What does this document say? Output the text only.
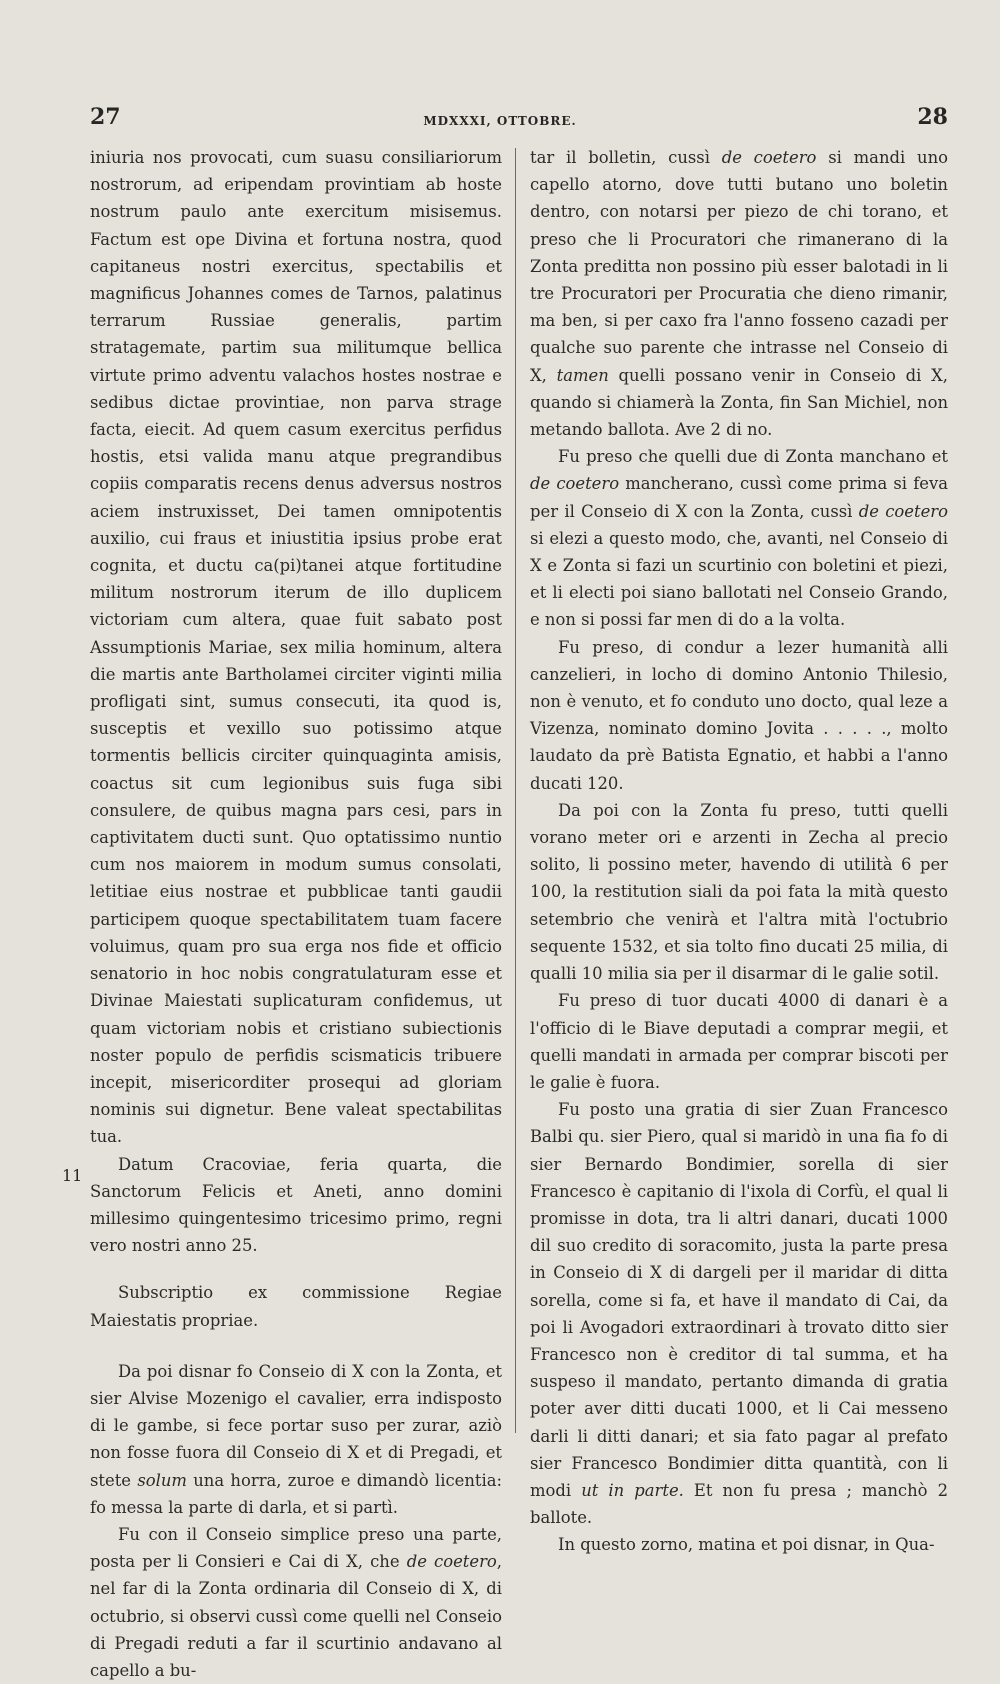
27	MDXXXI, OTTOBRE.	28

iniuria nos provocati, cum suasu consiliariorum nostrorum, ad eripendam provintiam ab hoste nostrum paulo ante exercitum misisemus. Factum est ope Divina et fortuna nostra, quod capitaneus nostri exercitus, spectabilis et magnificus Johannes comes de Tarnos, palatinus terrarum Russiae generalis, partim stratagemate, partim sua militumque bellica virtute primo adventu valachos hostes nostrae e sedibus dictae provintiae, non parva strage facta, eiecit. Ad quem casum exercitus perfidus hostis, etsi valida manu atque pregrandibus copiis comparatis recens denus adversus nostros aciem instruxisset, Dei tamen omnipotentis auxilio, cui fraus et iniustitia ipsius probe erat cognita, et ductu ca(pi)tanei atque fortitudine militum nostrorum iterum de illo duplicem victoriam cum altera, quae fuit sabato post Assumptionis Mariae, sex milia hominum, altera die martis ante Bartholamei circiter viginti milia profligati sint, sumus consecuti, ita quod is, susceptis et vexillo suo potissimo atque tormentis bellicis circiter quinquaginta amisis, coactus sit cum legionibus suis fuga sibi consulere, de quibus magna pars cesi, pars in captivitatem ducti sunt. Quo optatissimo nuntio cum nos maiorem in modum sumus consolati, letitiae eius nostrae et pubblicae tanti gaudii participem quoque spectabilitatem tuam facere voluimus, quam pro sua erga nos fide et officio senatorio in hoc nobis congratulaturam esse et Divinae Maiestati suplicaturam confidemus, ut quam victoriam nobis et cristiano subiectionis noster populo de perfidis scismaticis tribuere incepit, misericorditer prosequi ad gloriam nominis sui dignetur. Bene valeat spectabilitas tua.

Datum Cracoviae, feria quarta, die Sanctorum Felicis et Aneti, anno domini millesimo quingentesimo tricesimo primo, regni vero nostri anno 25.

Subscriptio ex commissione Regiae Maiestatis propriae.

Da poi disnar fo Conseio di X con la Zonta, et sier Alvise Mozenigo el cavalier, erra indisposto di le gambe, si fece portar suso per zurar, aziò non fosse fuora dil Conseio di X et di Pregadi, et stete solum una horra, zuroe e dimandò licentia: fo messa la parte di darla, et si partì.

Fu con il Conseio simplice preso una parte, posta per li Consieri e Cai di X, che de coetero, nel far di la Zonta ordinaria dil Conseio di X, di octubrio, si observi cussì come quelli nel Conseio di Pregadi reduti a far il scurtinio andavano al capello a bu-

11

tar il bolletin, cussì de coetero si mandi uno capello atorno, dove tutti butano uno boletin dentro, con notarsi per piezo de chi torano, et preso che li Procuratori che rimanerano di la Zonta preditta non possino più esser balotadi in li tre Procuratori per Procuratia che dieno rimanir, ma ben, si per caxo fra l'anno fosseno cazadi per qualche suo parente che intrasse nel Conseio di X, tamen quelli possano venir in Conseio di X, quando si chiamerà la Zonta, fin San Michiel, non metando ballota. Ave 2 di no.

Fu preso che quelli due di Zonta manchano et de coetero mancherano, cussì come prima si feva per il Conseio di X con la Zonta, cussì de coetero si elezi a questo modo, che, avanti, nel Conseio di X e Zonta si fazi un scurtinio con boletini et piezi, et li electi poi siano ballotati nel Conseio Grando, e non si possi far men di do a la volta.

Fu preso, di condur a lezer humanità alli canzelieri, in locho di domino Antonio Thilesio, non è venuto, et fo conduto uno docto, qual leze a Vizenza, nominato domino Jovita . . . . ., molto laudato da prè Batista Egnatio, et habbi a l'anno ducati 120.

Da poi con la Zonta fu preso, tutti quelli vorano meter ori e arzenti in Zecha al precio solito, li possino meter, havendo di utilità 6 per 100, la restitution siali da poi fata la mità questo setembrio che venirà et l'altra mità l'octubrio sequente 1532, et sia tolto fino ducati 25 milia, di qualli 10 milia sia per il disarmar di le galie sotil.

Fu preso di tuor ducati 4000 di danari è a l'officio di le Biave deputadi a comprar megii, et quelli mandati in armada per comprar biscoti per le galie è fuora.

Fu posto una gratia di sier Zuan Francesco Balbi qu. sier Piero, qual si maridò in una fia fo di sier Bernardo Bondimier, sorella di sier Francesco è capitanio di l'ixola di Corfù, el qual li promisse in dota, tra li altri danari, ducati 1000 dil suo credito di soracomito, justa la parte presa in Conseio di X di dargeli per il maridar di ditta sorella, come si fa, et have il mandato di Cai, da poi li Avogadori extraordinari à trovato ditto sier Francesco non è creditor di tal summa, et ha suspeso il mandato, pertanto dimanda di gratia poter aver ditti ducati 1000, et li Cai messeno darli li ditti danari; et sia fato pagar al prefato sier Francesco Bondimier ditta quantità, con li modi ut in parte. Et non fu presa ; manchò 2 ballote.

In questo zorno, matina et poi disnar, in Qua-
